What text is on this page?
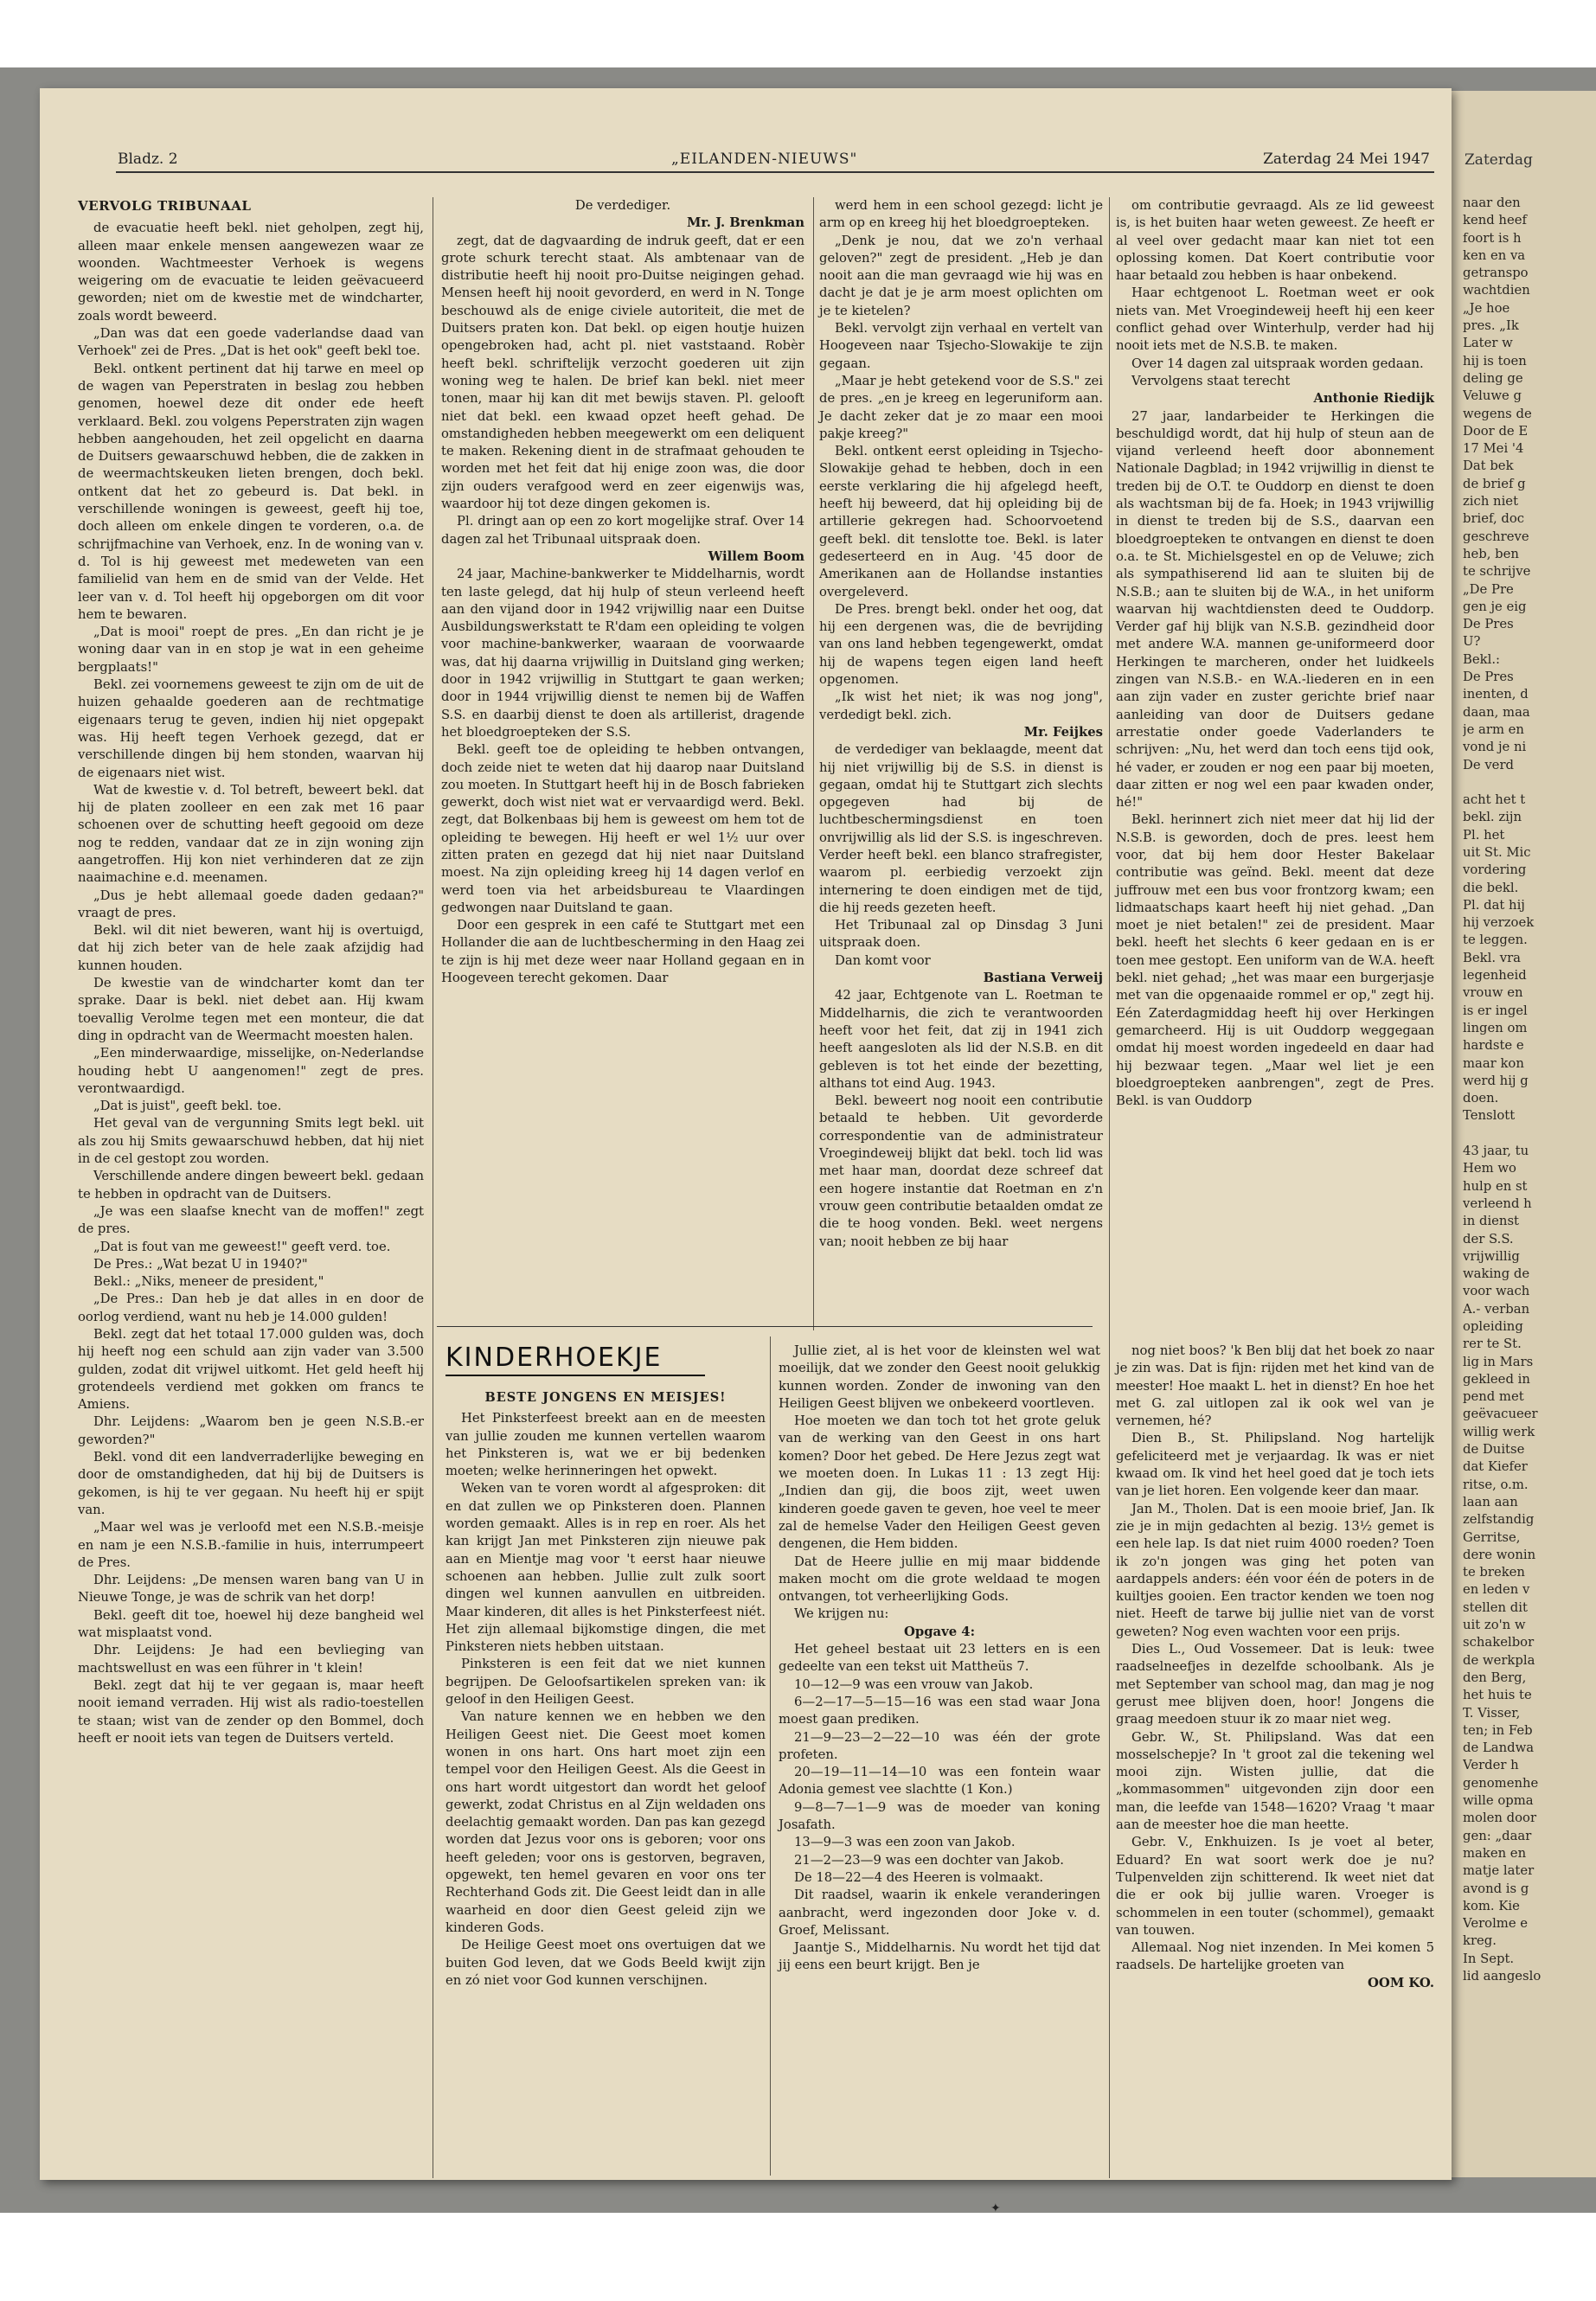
Zaterdag
naar den
kend heef
foort is h
ken en va
getranspo
wachtdien
„Je hoe
pres. „Ik
Later w
hij is toen
deling ge
Veluwe g
wegens de
Door de E
17 Mei '4
Dat bek
de brief g
zich niet
brief, doc
geschreve
heb, ben
te schrijve
„De Pre
gen je eig
De Pres
U?
Bekl.:
De Pres
inenten, d
daan, maa
je arm en
vond je ni
De verd
acht het t
bekl. zijn
Pl. het
uit St. Mic
vordering
die bekl.
Pl. dat hij
hij verzoek
te leggen.
Bekl. vra
legenheid
vrouw en
is er ingel
lingen om
hardste e
maar kon
werd hij g
doen.
Tenslott
43 jaar, tu
Hem wo
hulp en st
verleend h
in dienst
der S.S.
vrijwillig
waking de
voor wach
A.- verban
opleiding
rer te St.
lig in Mars
gekleed in
pend met
geëvacueer
willig werk
de Duitse
dat Kiefer
ritse, o.m.
laan aan
zelfstandig
Gerritse,
dere wonin
te breken
en leden v
stellen dit
uit zo'n w
schakelbor
de werkpla
den Berg,
het huis te
T. Visser,
ten; in Feb
de Landwa
Verder h
genomenhe
wille opma
molen door
gen: „daar
maken en
matje later
avond is g
kom. Kie
Verolme e
kreg.
In Sept.
lid aangeslo
Bladz. 2	„EILANDEN-NIEUWS"	Zaterdag 24 Mei 1947
VERVOLG TRIBUNAAL

de evacuatie heeft bekl. niet geholpen, zegt hij, alleen maar enkele mensen aangewezen waar ze woonden. Wachtmeester Verhoek is wegens weigering om de evacuatie te leiden geëvacueerd geworden; niet om de kwestie met de windcharter, zoals wordt beweerd.

„Dan was dat een goede vaderlandse daad van Verhoek" zei de Pres. „Dat is het ook" geeft bekl toe.

Bekl. ontkent pertinent dat hij tarwe en meel op de wagen van Peperstraten in beslag zou hebben genomen, hoewel deze dit onder ede heeft verklaard. Bekl. zou volgens Peperstraten zijn wagen hebben aangehouden, het zeil opgelicht en daarna de Duitsers gewaarschuwd hebben, die de zakken in de weermachtskeuken lieten brengen, doch bekl. ontkent dat het zo gebeurd is. Dat bekl. in verschillende woningen is geweest, geeft hij toe, doch alleen om enkele dingen te vorderen, o.a. de schrijfmachine van Verhoek, enz. In de woning van v. d. Tol is hij geweest met medeweten van een familielid van hem en de smid van der Velde. Het leer van v. d. Tol heeft hij opgeborgen om dit voor hem te bewaren.

„Dat is mooi" roept de pres. „En dan richt je je woning daar van in en stop je wat in een geheime bergplaats!"

Bekl. zei voornemens geweest te zijn om de uit de huizen gehaalde goederen aan de rechtmatige eigenaars terug te geven, indien hij niet opgepakt was. Hij heeft tegen Verhoek gezegd, dat er verschillende dingen bij hem stonden, waarvan hij de eigenaars niet wist.

Wat de kwestie v. d. Tol betreft, beweert bekl. dat hij de platen zoolleer en een zak met 16 paar schoenen over de schutting heeft gegooid om deze nog te redden, vandaar dat ze in zijn woning zijn aangetroffen. Hij kon niet verhinderen dat ze zijn naaimachine e.d. meenamen.

„Dus je hebt allemaal goede daden gedaan?" vraagt de pres.

Bekl. wil dit niet beweren, want hij is overtuigd, dat hij zich beter van de hele zaak afzijdig had kunnen houden.

De kwestie van de windcharter komt dan ter sprake. Daar is bekl. niet debet aan. Hij kwam toevallig Verolme tegen met een monteur, die dat ding in opdracht van de Weermacht moesten halen.

„Een minderwaardige, misselijke, on-Nederlandse houding hebt U aangenomen!" zegt de pres. verontwaardigd.

„Dat is juist", geeft bekl. toe.

Het geval van de vergunning Smits legt bekl. uit als zou hij Smits gewaarschuwd hebben, dat hij niet in de cel gestopt zou worden.

Verschillende andere dingen beweert bekl. gedaan te hebben in opdracht van de Duitsers.

„Je was een slaafse knecht van de moffen!" zegt de pres.

„Dat is fout van me geweest!" geeft verd. toe.

De Pres.: „Wat bezat U in 1940?"

Bekl.: „Niks, meneer de president,"

„De Pres.: Dan heb je dat alles in en door de oorlog verdiend, want nu heb je 14.000 gulden!

Bekl. zegt dat het totaal 17.000 gulden was, doch hij heeft nog een schuld aan zijn vader van 3.500 gulden, zodat dit vrijwel uitkomt. Het geld heeft hij grotendeels verdiend met gokken om francs te Amiens.

Dhr. Leijdens: „Waarom ben je geen N.S.B.-er geworden?"

Bekl. vond dit een landverraderlijke beweging en door de omstandigheden, dat hij bij de Duitsers is gekomen, is hij te ver gegaan. Nu heeft hij er spijt van.

„Maar wel was je verloofd met een N.S.B.-meisje en nam je een N.S.B.-familie in huis, interrumpeert de Pres.

Dhr. Leijdens: „De mensen waren bang van U in Nieuwe Tonge, je was de schrik van het dorp!

Bekl. geeft dit toe, hoewel hij deze bangheid wel wat misplaatst vond.

Dhr. Leijdens: Je had een bevlieging van machtswellust en was een führer in 't klein!

Bekl. zegt dat hij te ver gegaan is, maar heeft nooit iemand verraden. Hij wist als radio-toestellen te staan; wist van de zender op den Bommel, doch heeft er nooit iets van tegen de Duitsers verteld.

De verdediger.

Mr. J. Brenkman

zegt, dat de dagvaarding de indruk geeft, dat er een grote schurk terecht staat. Als ambtenaar van de distributie heeft hij nooit pro-Duitse neigingen gehad. Mensen heeft hij nooit gevorderd, en werd in N. Tonge beschouwd als de enige civiele autoriteit, die met de Duitsers praten kon. Dat bekl. op eigen houtje huizen opengebroken had, acht pl. niet vaststaand. Robèr heeft bekl. schriftelijk verzocht goederen uit zijn woning weg te halen. De brief kan bekl. niet meer tonen, maar hij kan dit met bewijs staven. Pl. gelooft niet dat bekl. een kwaad opzet heeft gehad. De omstandigheden hebben meegewerkt om een deliquent te maken. Rekening dient in de strafmaat gehouden te worden met het feit dat hij enige zoon was, die door zijn ouders verafgood werd en zeer eigenwijs was, waardoor hij tot deze dingen gekomen is.

Pl. dringt aan op een zo kort mogelijke straf. Over 14 dagen zal het Tribunaal uitspraak doen.

Willem Boom

24 jaar, Machine-bankwerker te Middelharnis, wordt ten laste gelegd, dat hij hulp of steun verleend heeft aan den vijand door in 1942 vrijwillig naar een Duitse Ausbildungswerkstatt te R'dam een opleiding te volgen voor machine-bankwerker, waaraan de voorwaarde was, dat hij daarna vrijwillig in Duitsland ging werken; door in 1942 vrijwillig in Stuttgart te gaan werken; door in 1944 vrijwillig dienst te nemen bij de Waffen S.S. en daarbij dienst te doen als artillerist, dragende het bloedgroepteken der S.S.

Bekl. geeft toe de opleiding te hebben ontvangen, doch zeide niet te weten dat hij daarop naar Duitsland zou moeten. In Stuttgart heeft hij in de Bosch fabrieken gewerkt, doch wist niet wat er vervaardigd werd. Bekl. zegt, dat Bolkenbaas bij hem is geweest om hem tot de opleiding te bewegen. Hij heeft er wel 1½ uur over zitten praten en gezegd dat hij niet naar Duitsland moest. Na zijn opleiding kreeg hij 14 dagen verlof en werd toen via het arbeidsbureau te Vlaardingen gedwongen naar Duitsland te gaan.

Door een gesprek in een café te Stuttgart met een Hollander die aan de luchtbescherming in den Haag zei te zijn is hij met deze weer naar Holland gegaan en in Hoogeveen terecht gekomen. Daar

werd hem in een school gezegd: licht je arm op en kreeg hij het bloedgroepteken.

„Denk je nou, dat we zo'n verhaal geloven?" zegt de president. „Heb je dan nooit aan die man gevraagd wie hij was en dacht je dat je je arm moest oplichten om je te kietelen?

Bekl. vervolgt zijn verhaal en vertelt van Hoogeveen naar Tsjecho-Slowakije te zijn gegaan.

„Maar je hebt getekend voor de S.S." zei de pres. „en je kreeg en legeruniform aan. Je dacht zeker dat je zo maar een mooi pakje kreeg?"

Bekl. ontkent eerst opleiding in Tsjecho-Slowakije gehad te hebben, doch in een eerste verklaring die hij afgelegd heeft, heeft hij beweerd, dat hij opleiding bij de artillerie gekregen had. Schoorvoetend geeft bekl. dit tenslotte toe. Bekl. is later gedeserteerd en in Aug. '45 door de Amerikanen aan de Hollandse instanties overgeleverd.

De Pres. brengt bekl. onder het oog, dat hij een dergenen was, die de bevrijding van ons land hebben tegengewerkt, omdat hij de wapens tegen eigen land heeft opgenomen.

„Ik wist het niet; ik was nog jong", verdedigt bekl. zich.

Mr. Feijkes

de verdediger van beklaagde, meent dat hij niet vrijwillig bij de S.S. in dienst is gegaan, omdat hij te Stuttgart zich slechts opgegeven had bij de luchtbeschermingsdienst en toen onvrijwillig als lid der S.S. is ingeschreven. Verder heeft bekl. een blanco strafregister, waarom pl. eerbiedig verzoekt zijn internering te doen eindigen met de tijd, die hij reeds gezeten heeft.

Het Tribunaal zal op Dinsdag 3 Juni uitspraak doen.

Dan komt voor

Bastiana Verweij

42 jaar, Echtgenote van L. Roetman te Middelharnis, die zich te verantwoorden heeft voor het feit, dat zij in 1941 zich heeft aangesloten als lid der N.S.B. en dit gebleven is tot het einde der bezetting, althans tot eind Aug. 1943.

Bekl. beweert nog nooit een contributie betaald te hebben. Uit gevorderde correspondentie van de administrateur Vroegindeweij blijkt dat bekl. toch lid was met haar man, doordat deze schreef dat een hogere instantie dat Roetman en z'n vrouw geen contributie betaalden omdat ze die te hoog vonden. Bekl. weet nergens van; nooit hebben ze bij haar

om contributie gevraagd. Als ze lid geweest is, is het buiten haar weten geweest. Ze heeft er al veel over gedacht maar kan niet tot een oplossing komen. Dat Koert contributie voor haar betaald zou hebben is haar onbekend.

Haar echtgenoot L. Roetman weet er ook niets van. Met Vroegindeweij heeft hij een keer conflict gehad over Winterhulp, verder had hij nooit iets met de N.S.B. te maken.

Over 14 dagen zal uitspraak worden gedaan.

Vervolgens staat terecht

Anthonie Riedijk

27 jaar, landarbeider te Herkingen die beschuldigd wordt, dat hij hulp of steun aan de vijand verleend heeft door abonnement Nationale Dagblad; in 1942 vrijwillig in dienst te treden bij de O.T. te Ouddorp en dienst te doen als wachtsman bij de fa. Hoek; in 1943 vrijwillig in dienst te treden bij de S.S., daarvan een bloedgroepteken te ontvangen en dienst te doen o.a. te St. Michielsgestel en op de Veluwe; zich als sympathiserend lid aan te sluiten bij de N.S.B.; aan te sluiten bij de W.A., in het uniform waarvan hij wachtdiensten deed te Ouddorp. Verder gaf hij blijk van N.S.B. gezindheid door met andere W.A. mannen ge-uniformeerd door Herkingen te marcheren, onder het luidkeels zingen van N.S.B.- en W.A.-liederen en in een aan zijn vader en zuster gerichte brief naar aanleiding van door de Duitsers gedane arrestatie onder goede Vaderlanders te schrijven: „Nu, het werd dan toch eens tijd ook, hé vader, er zouden er nog een paar bij moeten, daar zitten er nog wel een paar kwaden onder, hé!"

Bekl. herinnert zich niet meer dat hij lid der N.S.B. is geworden, doch de pres. leest hem voor, dat bij hem door Hester Bakelaar contributie was geïnd. Bekl. meent dat deze juffrouw met een bus voor frontzorg kwam; een lidmaatschaps kaart heeft hij niet gehad. „Dan moet je niet betalen!" zei de president. Maar bekl. heeft het slechts 6 keer gedaan en is er toen mee gestopt. Een uniform van de W.A. heeft bekl. niet gehad; „het was maar een burgerjasje met van die opgenaaide rommel er op," zegt hij. Eén Zaterdagmiddag heeft hij over Herkingen gemarcheerd. Hij is uit Ouddorp weggegaan omdat hij moest worden ingedeeld en daar had hij bezwaar tegen. „Maar wel liet je een bloedgroepteken aanbrengen", zegt de Pres. Bekl. is van Ouddorp

KINDERHOEKJE
BESTE JONGENS EN MEISJES!

Het Pinksterfeest breekt aan en de meesten van jullie zouden me kunnen vertellen waarom het Pinksteren is, wat we er bij bedenken moeten; welke herinneringen het opwekt.

Weken van te voren wordt al afgesproken: dit en dat zullen we op Pinksteren doen. Plannen worden gemaakt. Alles is in rep en roer. Als het kan krijgt Jan met Pinksteren zijn nieuwe pak aan en Mientje mag voor 't eerst haar nieuwe schoenen aan hebben. Jullie zult zulk soort dingen wel kunnen aanvullen en uitbreiden. Maar kinderen, dit alles is het Pinksterfeest niét. Het zijn allemaal bijkomstige dingen, die met Pinksteren niets hebben uitstaan.

Pinksteren is een feit dat we niet kunnen begrijpen. De Geloofsartikelen spreken van: ik geloof in den Heiligen Geest.

Van nature kennen we en hebben we den Heiligen Geest niet. Die Geest moet komen wonen in ons hart. Ons hart moet zijn een tempel voor den Heiligen Geest. Als die Geest in ons hart wordt uitgestort dan wordt het geloof gewerkt, zodat Christus en al Zijn weldaden ons deelachtig gemaakt worden. Dan pas kan gezegd worden dat Jezus voor ons is geboren; voor ons heeft geleden; voor ons is gestorven, begraven, opgewekt, ten hemel gevaren en voor ons ter Rechterhand Gods zit. Die Geest leidt dan in alle waarheid en door dien Geest geleid zijn we kinderen Gods.

De Heilige Geest moet ons overtuigen dat we buiten God leven, dat we Gods Beeld kwijt zijn en zó niet voor God kunnen verschijnen.

Jullie ziet, al is het voor de kleinsten wel wat moeilijk, dat we zonder den Geest nooit gelukkig kunnen worden. Zonder de inwoning van den Heiligen Geest blijven we onbekeerd voortleven.

Hoe moeten we dan toch tot het grote geluk van de werking van den Geest in ons hart komen? Door het gebed. De Here Jezus zegt wat we moeten doen. In Lukas 11 : 13 zegt Hij: „Indien dan gij, die boos zijt, weet uwen kinderen goede gaven te geven, hoe veel te meer zal de hemelse Vader den Heiligen Geest geven dengenen, die Hem bidden.

Dat de Heere jullie en mij maar biddende maken mocht om die grote weldaad te mogen ontvangen, tot verheerlijking Gods.

We krijgen nu:

Opgave 4:

Het geheel bestaat uit 23 letters en is een gedeelte van een tekst uit Mattheüs 7.

10—12—9 was een vrouw van Jakob.

6—2—17—5—15—16 was een stad waar Jona moest gaan prediken.

21—9—23—2—22—10 was één der grote profeten.

20—19—11—14—10 was een fontein waar Adonia gemest vee slachtte (1 Kon.)

9—8—7—1—9 was de moeder van koning Josafath.

13—9—3 was een zoon van Jakob.

21—2—23—9 was een dochter van Jakob.

De 18—22—4 des Heeren is volmaakt.

Dit raadsel, waarin ik enkele veranderingen aanbracht, werd ingezonden door Joke v. d. Groef, Melissant.

Jaantje S., Middelharnis. Nu wordt het tijd dat jij eens een beurt krijgt. Ben je

nog niet boos? 'k Ben blij dat het boek zo naar je zin was. Dat is fijn: rijden met het kind van de meester! Hoe maakt L. het in dienst? En hoe het met G. zal uitlopen zal ik ook wel van je vernemen, hé?

Dien B., St. Philipsland. Nog hartelijk gefeliciteerd met je verjaardag. Ik was er niet kwaad om. Ik vind het heel goed dat je toch iets van je liet horen. Een volgende keer dan maar.

Jan M., Tholen. Dat is een mooie brief, Jan. Ik zie je in mijn gedachten al bezig. 13½ gemet is een hele lap. Is dat niet ruim 4000 roeden? Toen ik zo'n jongen was ging het poten van aardappels anders: één voor één de poters in de kuiltjes gooien. Een tractor kenden we toen nog niet. Heeft de tarwe bij jullie niet van de vorst geweten? Nog even wachten voor een prijs.

Dies L., Oud Vossemeer. Dat is leuk: twee raadselneefjes in dezelfde schoolbank. Als je met September van school mag, dan mag je nog gerust mee blijven doen, hoor! Jongens die graag meedoen stuur ik zo maar niet weg.

Gebr. W., St. Philipsland. Was dat een mosselschepje? In 't groot zal die tekening wel mooi zijn. Wisten jullie, dat die „kommasommen" uitgevonden zijn door een man, die leefde van 1548—1620? Vraag 't maar aan de meester hoe die man heette.

Gebr. V., Enkhuizen. Is je voet al beter, Eduard? En wat soort werk doe je nu? Tulpenvelden zijn schitterend. Ik weet niet dat die er ook bij jullie waren. Vroeger is schommelen in een touter (schommel), gemaakt van touwen.

Allemaal. Nog niet inzenden. In Mei komen 5 raadsels. De hartelijke groeten van

OOM KO.

✦
